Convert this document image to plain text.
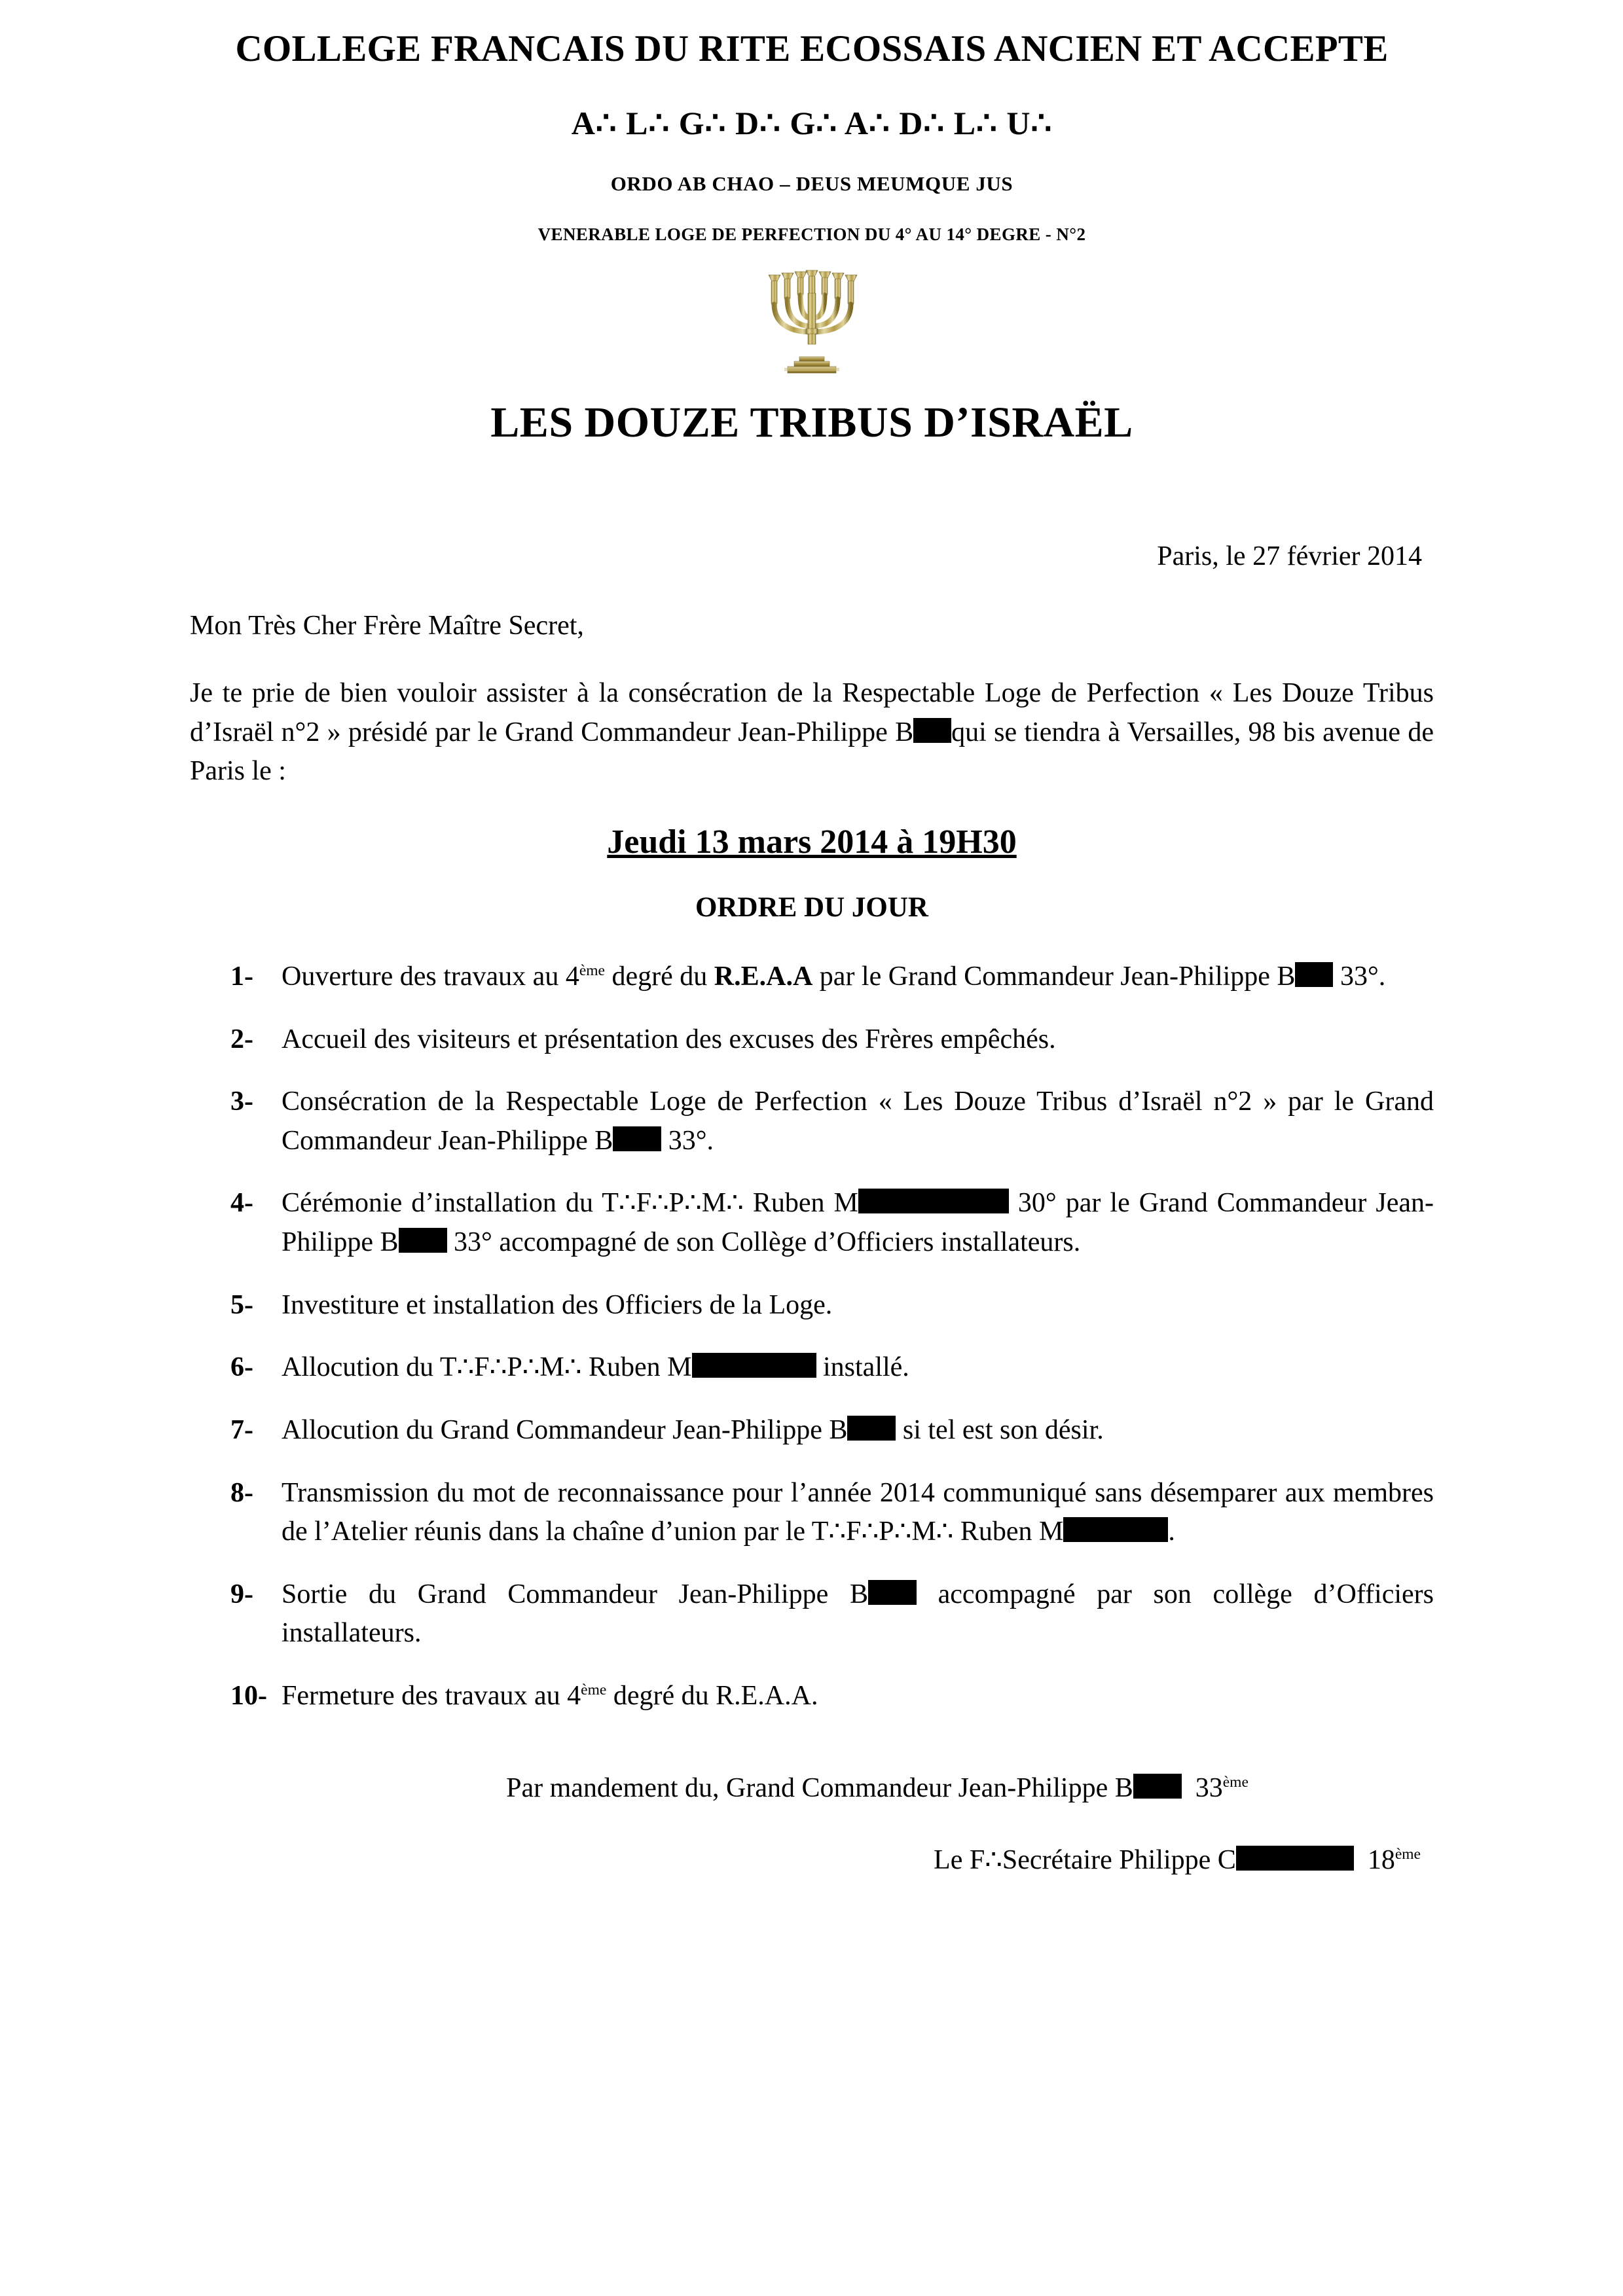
COLLEGE FRANCAIS DU RITE ECOSSAIS ANCIEN ET ACCEPTE
A∴ L∴ G∴ D∴ G∴ A∴ D∴ L∴ U∴
ORDO AB CHAO – DEUS MEUMQUE JUS
VENERABLE LOGE DE PERFECTION DU 4° AU 14° DEGRE - N°2
LES DOUZE TRIBUS D’ISRAËL
Paris, le 27 février 2014
Mon Très Cher Frère Maître Secret,
Je te prie de bien vouloir assister à la consécration de la Respectable Loge de Perfection « Les Douze Tribus d’Israël n°2 » présidé par le Grand Commandeur Jean-Philippe B qui se tiendra à Versailles, 98 bis avenue de Paris le :
Jeudi 13 mars 2014 à 19H30
ORDRE DU JOUR
1-	Ouverture des travaux au 4ème degré du R.E.A.A par le Grand Commandeur Jean-Philippe B 33°.
2-	Accueil des visiteurs et présentation des excuses des Frères empêchés.
3-	Consécration de la Respectable Loge de Perfection « Les Douze Tribus d’Israël n°2 » par le Grand Commandeur Jean-Philippe B 33°.
4-	Cérémonie d’installation du T∴F∴P∴M∴ Ruben M	30° par le Grand Commandeur Jean-Philippe B 33° accompagné de son Collège d’Officiers installateurs.
5-	Investiture et installation des Officiers de la Loge.
6-	Allocution du T∴F∴P∴M∴ Ruben M	installé.
7-	Allocution du Grand Commandeur Jean-Philippe B si tel est son désir.
8-	Transmission du mot de reconnaissance pour l’année 2014 communiqué sans désemparer aux membres de l’Atelier réunis dans la chaîne d’union par le T∴F∴P∴M∴ Ruben M	.
9-	Sortie du Grand Commandeur Jean-Philippe B accompagné par son collège d’Officiers installateurs.
10- Fermeture des travaux au 4ème degré du R.E.A.A.
Par mandement du, Grand Commandeur Jean-Philippe B 33ème
Le F∴Secrétaire Philippe C	18ème
